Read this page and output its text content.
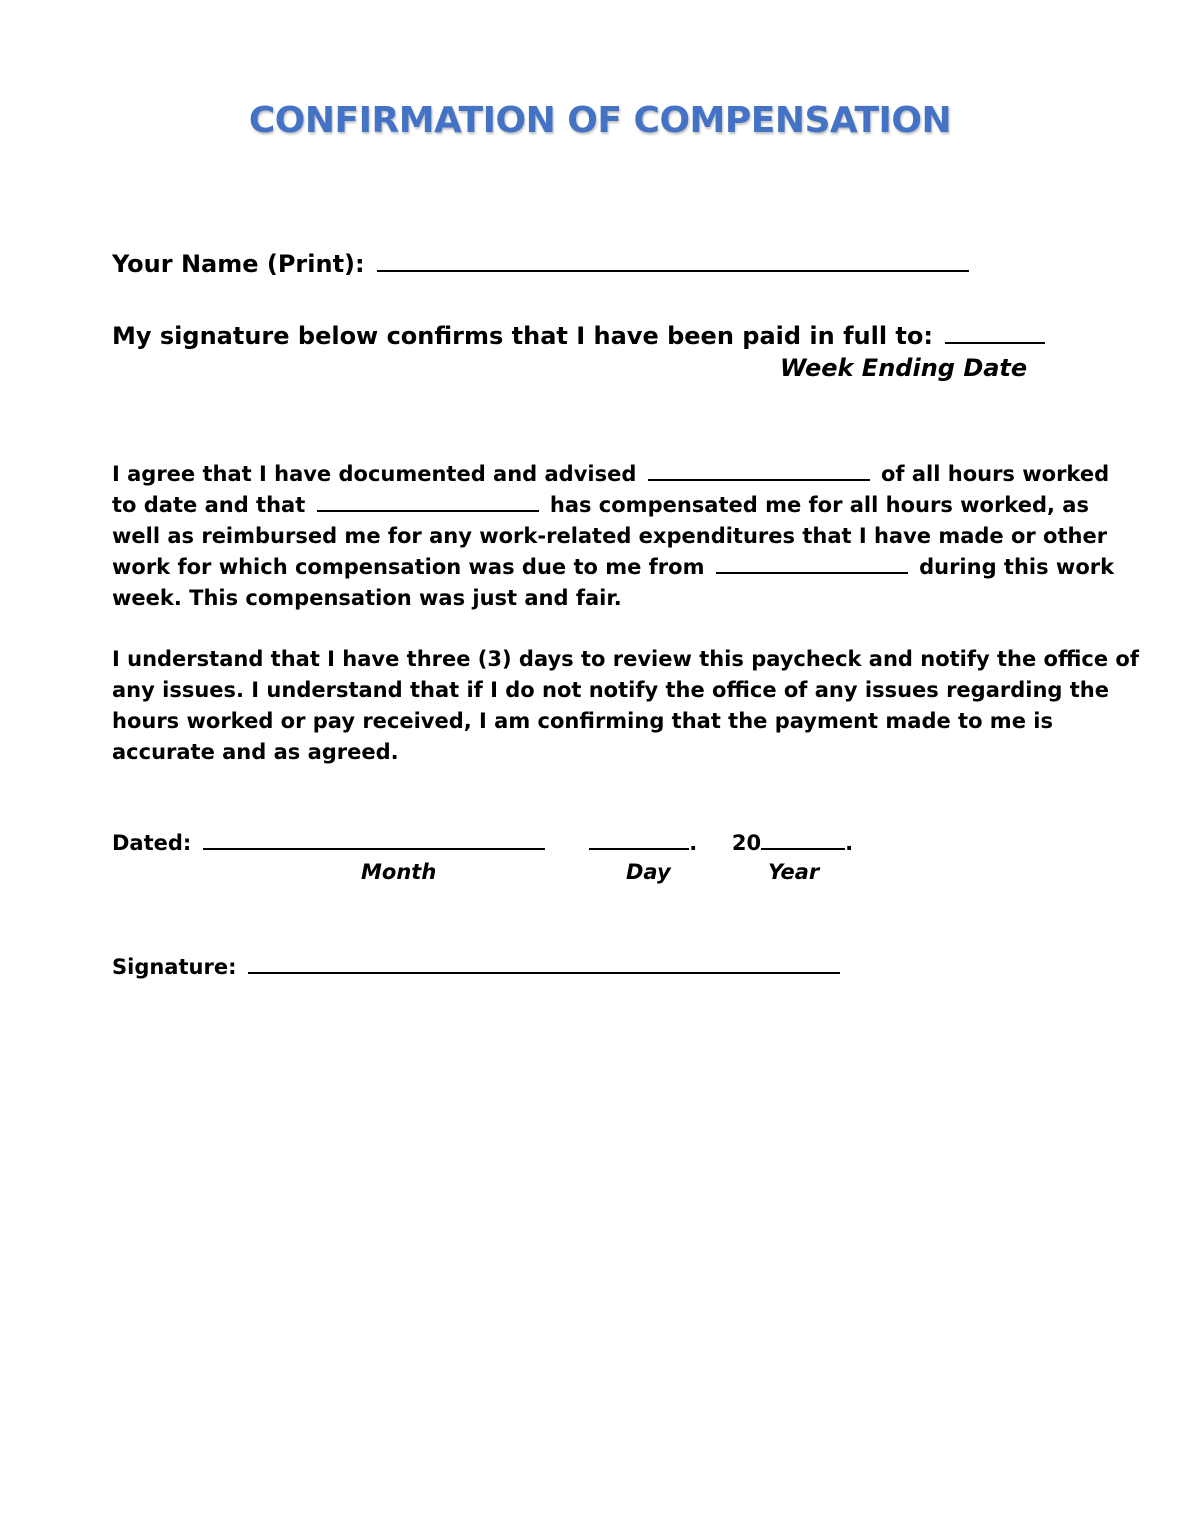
CONFIRMATION OF COMPENSATION
Your Name (Print):
My signature below confirms that I have been paid in full to:
Week Ending Date
I agree that I have documented and advised	of all hours worked
to date and that	has compensated me for all hours worked, as
well as reimbursed me for any work-related expenditures that I have made or other
work for which compensation was due to me from	during this work
week. This compensation was just and fair.
I understand that I have three (3) days to review this paycheck and notify the office of
any issues. I understand that if I do not notify the office of any issues regarding the
hours worked or pay received, I am confirming that the payment made to me is
accurate and as agreed.
Dated:	. 20	.
Month	Day	Year
Signature:
